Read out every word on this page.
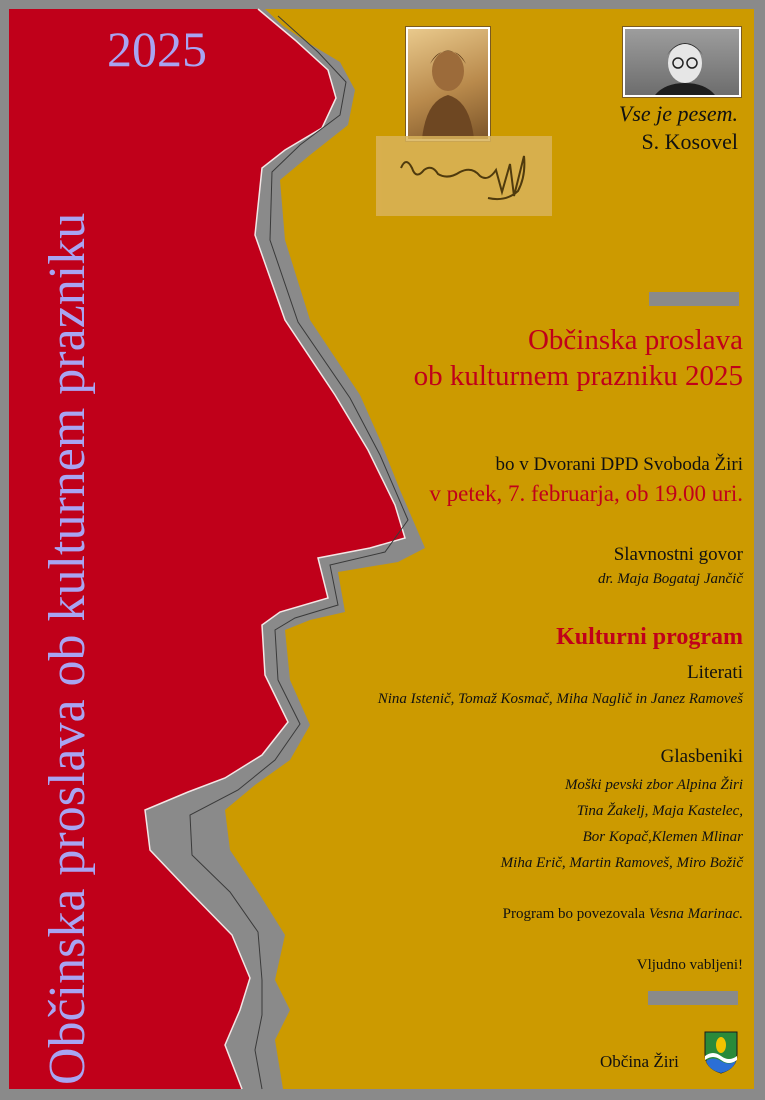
Občinska proslava ob kulturnem prazniku
2025
Vse je pesem.
S. Kosovel
Občinska proslava
ob kulturnem prazniku 2025
bo v Dvorani DPD Svoboda Žiri
v petek, 7. februarja, ob 19.00 uri.
Slavnostni govor
dr. Maja Bogataj Jančič
Kulturni program
Literati
Nina Istenič, Tomaž Kosmač, Miha Naglič in Janez Ramoveš
Glasbeniki
Moški pevski zbor Alpina Žiri
Tina Žakelj, Maja Kastelec,
Bor Kopač,Klemen Mlinar
Miha Erič, Martin Ramoveš, Miro Božič
Program bo povezovala Vesna Marinac.
Vljudno vabljeni!
Občina Žiri
